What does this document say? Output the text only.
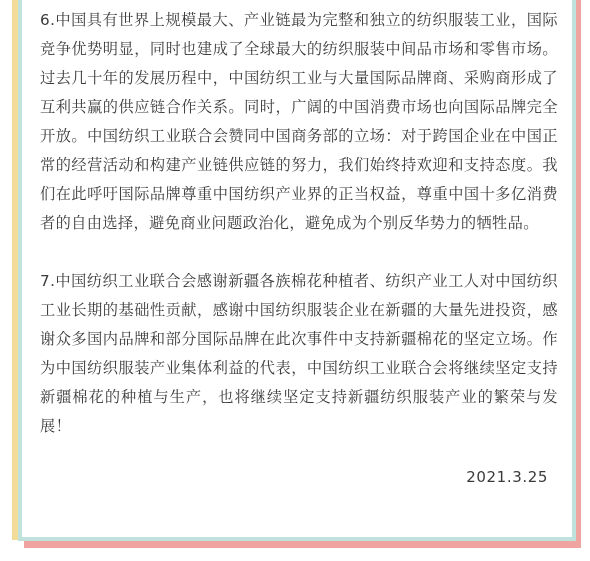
6.中国具有世界上规模最大、产业链最为完整和独立的纺织服装工业，国际竞争优势明显，同时也建成了全球最大的纺织服装中间品市场和零售市场。过去几十年的发展历程中，中国纺织工业与大量国际品牌商、采购商形成了互利共赢的供应链合作关系。同时，广阔的中国消费市场也向国际品牌完全开放。中国纺织工业联合会赞同中国商务部的立场：对于跨国企业在中国正常的经营活动和构建产业链供应链的努力，我们始终持欢迎和支持态度。我们在此呼吁国际品牌尊重中国纺织产业界的正当权益，尊重中国十多亿消费者的自由选择，避免商业问题政治化，避免成为个别反华势力的牺牲品。

7.中国纺织工业联合会感谢新疆各族棉花种植者、纺织产业工人对中国纺织工业长期的基础性贡献，感谢中国纺织服装企业在新疆的大量先进投资，感谢众多国内品牌和部分国际品牌在此次事件中支持新疆棉花的坚定立场。作为中国纺织服装产业集体利益的代表，中国纺织工业联合会将继续坚定支持新疆棉花的种植与生产，也将继续坚定支持新疆纺织服装产业的繁荣与发展！

2021.3.25
